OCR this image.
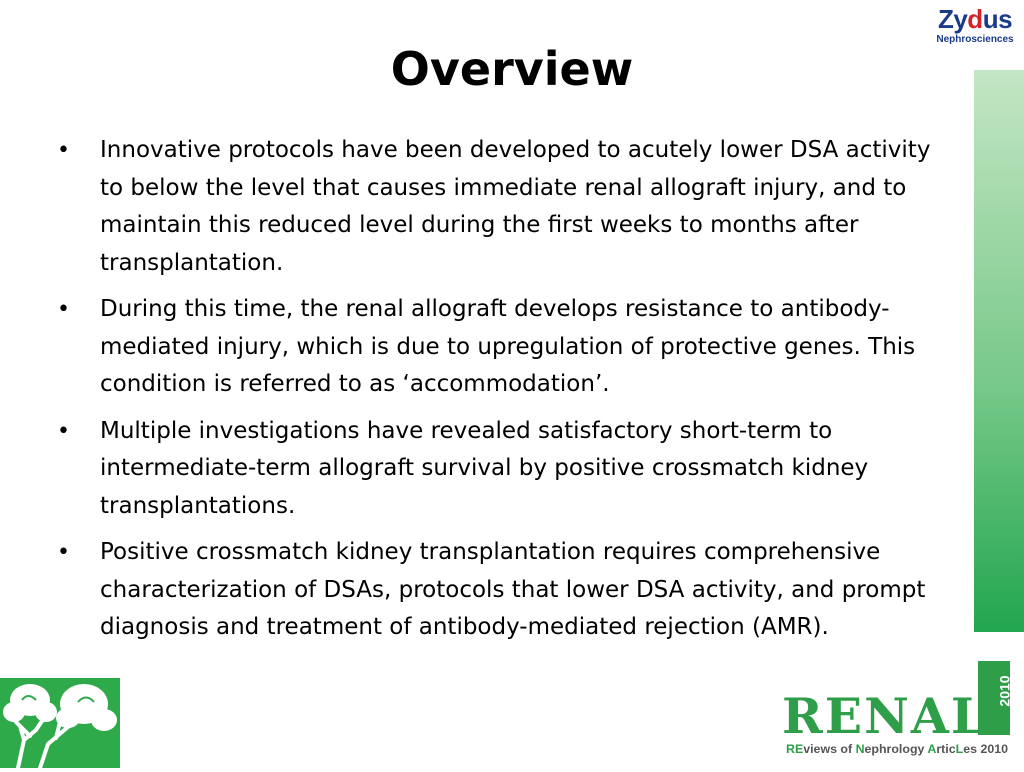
Zydus
Nephrosciences
Overview
• Innovative protocols have been developed to acutely lower DSA activity to below the level that causes immediate renal allograft injury, and to maintain this reduced level during the first weeks to months after transplantation.
• During this time, the renal allograft develops resistance to antibody-mediated injury, which is due to upregulation of protective genes. This condition is referred to as ‘accommodation’.
• Multiple investigations have revealed satisfactory short-term to intermediate-term allograft survival by positive crossmatch kidney transplantations.
• Positive crossmatch kidney transplantation requires comprehensive characterization of DSAs, protocols that lower DSA activity, and prompt diagnosis and treatment of antibody-mediated rejection (AMR).
2010
RENAL
REviews of Nephrology ArticLes 2010
